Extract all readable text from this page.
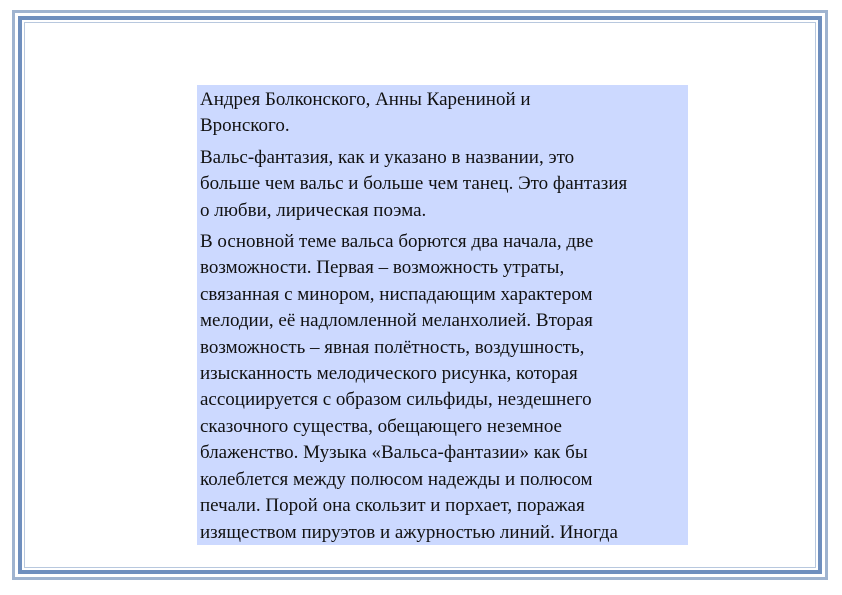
Андрея Болконского, Анны Карениной и
Вронского.

Вальс-фантазия, как и указано в названии, это
больше чем вальс и больше чем танец. Это фантазия
о любви, лирическая поэма.

В основной теме вальса борются два начала, две
возможности. Первая – возможность утраты,
связанная с минором, ниспадающим характером
мелодии, её надломленной меланхолией. Вторая
возможность – явная полётность, воздушность,
изысканность мелодического рисунка, которая
ассоциируется с образом сильфиды, нездешнего
сказочного существа, обещающего неземное
блаженство. Музыка «Вальса-фантазии» как бы
колеблется между полюсом надежды и полюсом
печали. Порой она скользит и порхает, поражая
изяществом пируэтов и ажурностью линий. Иногда
